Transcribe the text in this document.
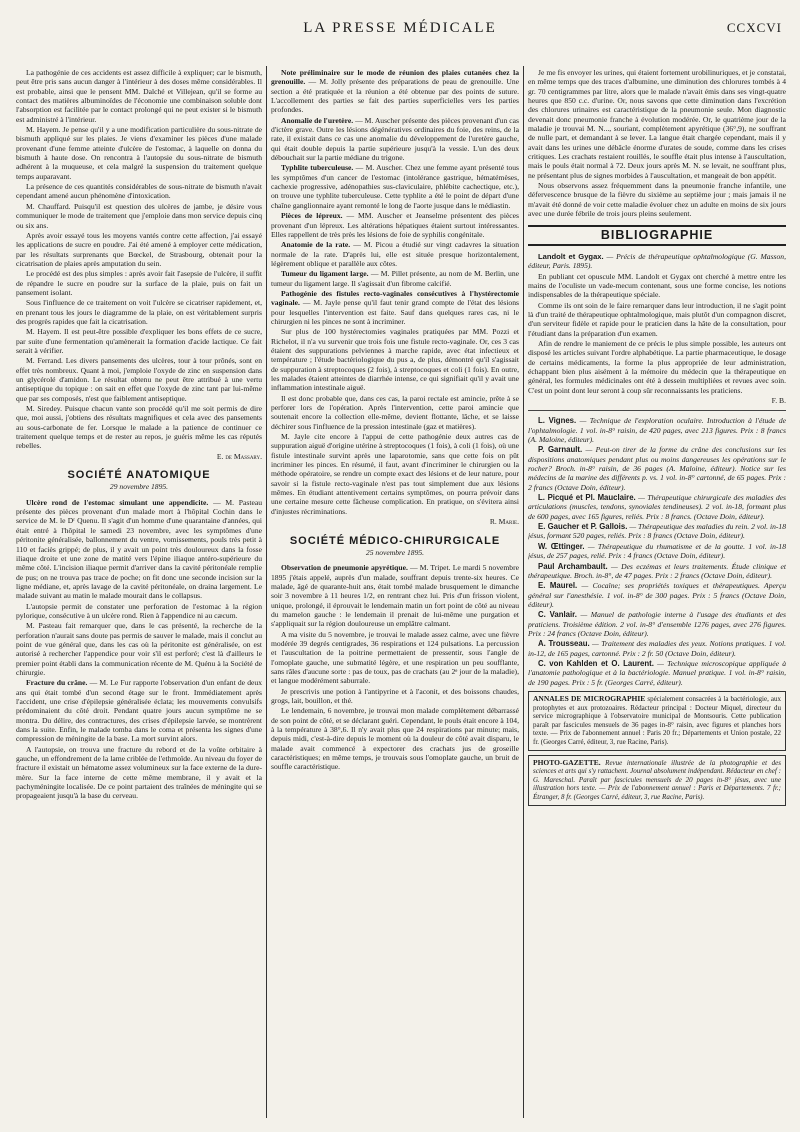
LA PRESSE MÉDICALE	CCXCVI

La pathogénie de ces accidents est assez difficile à expliquer; car le bismuth, peut être pris sans aucun danger à l'intérieur à des doses même considérables. Il est probable, ainsi que le pensent MM. Dalché et Villejean, qu'il se forme au contact des matières albuminoïdes de l'économie une combinaison soluble dont l'absorption est facilitée par le contact prolongé qui ne peut exister si le bismuth est administré à l'intérieur.

M. Hayem. Je pense qu'il y a une modification particulière du sous-nitrate de bismuth appliqué sur les plaies. Je viens d'examiner les pièces d'une malade provenant d'une femme atteinte d'ulcère de l'estomac, à laquelle on donna du bismuth à haute dose. On rencontra à l'autopsie du sous-nitrate de bismuth adhérent à la muqueuse, et cela malgré la suspension du traitement quelque temps auparavant.

La présence de ces quantités considérables de sous-nitrate de bismuth n'avait cependant amené aucun phénomène d'intoxication.

M. Chauffard. Puisqu'il est question des ulcères de jambe, je désire vous communiquer le mode de traitement que j'emploie dans mon service depuis cinq ou six ans.

Après avoir essayé tous les moyens vantés contre cette affection, j'ai essayé les applications de sucre en poudre. J'ai été amené à employer cette médication, par les résultats surprenants que Bœckel, de Strasbourg, obtenait pour la cicatrisation de plaies après amputation du sein.

Le procédé est des plus simples : après avoir fait l'asepsie de l'ulcère, il suffit de répandre le sucre en poudre sur la surface de la plaie, puis on fait un pansement isolant.

Sous l'influence de ce traitement on voit l'ulcère se cicatriser rapidement, et, en prenant tous les jours le diagramme de la plaie, on est véritablement surpris des progrès rapides que fait la cicatrisation.

M. Hayem. Il est peut-être possible d'expliquer les bons effets de ce sucre, par suite d'une fermentation qu'amènerait la formation d'acide lactique. Ce fait serait à vérifier.

M. Ferrand. Les divers pansements des ulcères, tour à tour prônés, sont en effet très nombreux. Quant à moi, j'emploie l'oxyde de zinc en suspension dans un glycérolé d'amidon. Le résultat obtenu ne peut être attribué à une vertu antiseptique du topique : on sait en effet que l'oxyde de zinc tant par lui-même que par ses composés, n'est que faiblement antiseptique.

M. Siredey. Puisque chacun vante son procédé qu'il me soit permis de dire que, moi aussi, j'obtiens des résultats magnifiques et cela avec des pansements au sous-carbonate de fer. Lorsque le malade a la patience de continuer ce traitement quelque temps et de rester au repos, je guéris même les cas réputés rebelles.

E. de Massary.
SOCIÉTÉ ANATOMIQUE
29 novembre 1895.

Ulcère rond de l'estomac simulant une appendicite. — M. Pasteau présente des pièces provenant d'un malade mort à l'hôpital Cochin dans le service de M. le Dʳ Quenu. Il s'agit d'un homme d'une quarantaine d'années, qui était entré à l'hôpital le samedi 23 novembre, avec les symptômes d'une péritonite généralisée, ballonnement du ventre, vomissements, pouls très petit à 110 et faciès grippé; de plus, il y avait un point très douloureux dans la fosse iliaque droite et une zone de matité vers l'épine iliaque antéro-supérieure du même côté. L'incision iliaque permit d'arriver dans la cavité péritonéale remplie de pus; on ne trouva pas trace de poche; on fit donc une seconde incision sur la ligne médiane, et, après lavage de la cavité péritonéale, on draina largement. Le malade suivant au matin le malade mourait dans le collapsus.

L'autopsie permit de constater une perforation de l'estomac à la région pylorique, consécutive à un ulcère rond. Rien à l'appendice ni au cæcum.

M. Pasteau fait remarquer que, dans le cas présenté, la recherche de la perforation n'aurait sans doute pas permis de sauver le malade, mais il conclut au point de vue général que, dans les cas où la péritonite est généralisée, on est autorisé à rechercher l'appendice pour voir s'il est perforé; c'est là d'ailleurs le premier point établi dans la communication récente de M. Quénu à la Société de chirurgie.

Fracture du crâne. — M. Le Fur rapporte l'observation d'un enfant de deux ans qui était tombé d'un second étage sur le front. Immédiatement après l'accident, une crise d'épilepsie généralisée éclata; les mouvements convulsifs prédominaient du côté droit. Pendant quatre jours aucun symptôme ne se montra. Du délire, des contractures, des crises d'épilepsie larvée, se montrèrent dans la suite. Enfin, le malade tomba dans le coma et présenta les signes d'une compression de méningite de la base. La mort survint alors.

A l'autopsie, on trouva une fracture du rebord et de la voûte orbitaire à gauche, un effondrement de la lame criblée de l'ethmoïde. Au niveau du foyer de fracture il existait un hématome assez volumineux sur la face externe de la dure-mère. Sur la face interne de cette même membrane, il y avait et la pachyméningite localisée. De ce point partaient des traînées de méningite qui se propageaient jusqu'à la base du cerveau.

Note préliminaire sur le mode de réunion des plaies cutanées chez la grenouille. — M. Jolly présente des préparations de peau de grenouille. Une section a été pratiquée et la réunion a été obtenue par des points de suture. L'accollement des parties se fait des parties superficielles vers les parties profondes.

Anomalie de l'uretère. — M. Auscher présente des pièces provenant d'un cas d'ictère grave. Outre les lésions dégénératives ordinaires du foie, des reins, de la rate, il existait dans ce cas une anomalie du développement de l'uretère gauche, qui était double depuis la partie supérieure jusqu'à la vessie. L'un des deux débouchait sur la partie médiane du trigone.

Typhlite tuberculeuse. — M. Auscher. Chez une femme ayant présenté tous les symptômes d'un cancer de l'estomac (intolérance gastrique, hématémèses, cachexie progressive, adénopathies sus-claviculaire, phlébite cachectique, etc.), on trouve une typhlite tuberculeuse. Cette typhlite a été le point de départ d'une chaîne ganglionnaire ayant remonté le long de l'aorte jusque dans le médiastin.

Pièces de lépreux. — MM. Auscher et Jeanselme présentent des pièces provenant d'un lépreux. Les altérations hépatiques étaient surtout intéressantes. Elles rappellent de très près les lésions de foie de syphilis congénitale.

Anatomie de la rate. — M. Picou a étudié sur vingt cadavres la situation normale de la rate. D'après lui, elle est située presque horizontalement, légèrement oblique et parallèle aux côtes.

Tumeur du ligament large. — M. Pillet présente, au nom de M. Berlin, une tumeur du ligament large. Il s'agissait d'un fibrome calcifié.

Pathogénie des fistules recto-vaginales consécutives à l'hystérectomie vaginale. — M. Jayle pense qu'il faut tenir grand compte de l'état des lésions pour lesquelles l'intervention est faite. Sauf dans quelques rares cas, ni le chirurgien ni les pinces ne sont à incriminer.

Sur plus de 100 hystérectomies vaginales pratiquées par MM. Pozzi et Richelot, il n'a vu survenir que trois fois une fistule recto-vaginale. Or, ces 3 cas étaient des suppurations pelviennes à marche rapide, avec état infectieux et température ; l'étude bactériologique du pus a, de plus, démontré qu'il s'agissait de suppuration à streptocoques (2 fois), à streptocoques et coli (1 fois). En outre, les malades étaient atteintes de diarrhée intense, ce qui signifiait qu'il y avait une inflammation intestinale aiguë.

Il est donc probable que, dans ces cas, la paroi rectale est amincie, prête à se perforer lors de l'opération. Après l'intervention, cette paroi amincie que soutenait encore la collection elle-même, devient flottante, lâche, et se laisse déchirer sous l'influence de la pression intestinale (gaz et matières).

M. Jayle cite encore à l'appui de cette pathogénie deux autres cas de suppuration aiguë d'origine utérine à streptocoques (1 fois), à coli (1 fois), où une fistule intestinale survint après une laparotomie, sans que cette fois on pût incriminer les pinces. En résumé, il faut, avant d'incriminer le chirurgien ou la méthode opératoire, se rendre un compte exact des lésions et de leur nature, pour savoir si la fistule recto-vaginale n'est pas tout simplement due aux lésions mêmes. En étudiant attentivement certains symptômes, on pourra prévoir dans une certaine mesure cette fâcheuse complication. En pratique, on s'évitera ainsi d'injustes récriminations.

R. Marie.
SOCIÉTÉ MÉDICO-CHIRURGICALE
25 novembre 1895.

Observation de pneumonie apyrétique. — M. Tripet. Le mardi 5 novembre 1895 j'étais appelé, auprès d'un malade, souffrant depuis trente-six heures. Ce malade, âgé de quarante-huit ans, était tombé malade brusquement le dimanche soir 3 novembre à 11 heures 1/2, en rentrant chez lui. Pris d'un frisson violent, unique, prolongé, il éprouvait le lendemain matin un fort point de côté au niveau du mamelon gauche : le lendemain il prenait de lui-même une purgation et s'appliquait sur la région douloureuse un emplâtre calmant.

A ma visite du 5 novembre, je trouvai le malade assez calme, avec une fièvre modérée 39 degrés centigrades, 36 respirations et 124 pulsations. La percussion et l'auscultation de la poitrine permettaient de pressentir, sous l'angle de l'omoplate gauche, une submatité légère, et une respiration un peu soufflante, sans râles d'aucune sorte : pas de toux, pas de crachats (au 2ᵉ jour de la maladie), et langue modérément saburrale.

Je prescrivis une potion à l'antipyrine et à l'aconit, et des boissons chaudes, grogs, lait, bouillon, et thé.

Le lendemain, 6 novembre, je trouvai mon malade complètement débarrassé de son point de côté, et se déclarant guéri. Cependant, le pouls était encore à 104, à la température à 38°,6. Il n'y avait plus que 24 respirations par minute; mais, depuis midi, c'est-à-dire depuis le moment où la douleur de côté avait disparu, le malade avait commencé à expectorer des crachats jus de groseille caractéristiques; en même temps, je trouvais sous l'omoplate gauche, un bruit de souffle caractéristique.

Je me fis envoyer les urines, qui étaient fortement urobilinuriques, et je constatai, en même temps que des traces d'albumine, une diminution des chlorures tombés à 4 gr. 70 centigrammes par litre, alors que le malade n'avait émis dans ses vingt-quatre heures que 850 c.c. d'urine. Or, nous savons que cette diminution dans l'excrétion des chlorures urinaires est caractéristique de la pneumonie seule. Mon diagnostic devenait donc pneumonie franche à évolution modérée. Or, le quatrième jour de la maladie je trouvai M. N..., souriant, complètement apyrétique (36°,9), ne souffrant de nulle part, et demandant à se lever. La langue était chargée cependant, mais il y avait dans les urines une débâcle énorme d'urates de soude, comme dans les crises critiques. Les crachats restaient rouillés, le souffle était plus intense à l'auscultation, mais le pouls était normal à 72. Deux jours après M. N. se levait, ne souffrant plus, ne présentant plus de signes morbides à l'auscultation, et mangeait de bon appétit.

Nous observons assez fréquemment dans la pneumonie franche infantile, une défervescence brusque de la fièvre du sixième au septième jour ; mais jamais il ne m'avait été donné de voir cette maladie évoluer chez un adulte en moins de six jours avec une durée fébrile de trois jours pleins seulement.

BIBLIOGRAPHIE

Landolt et Gygax. — Précis de thérapeutique ophtalmologique (G. Masson, éditeur, Paris. 1895).

En publiant cet opuscule MM. Landolt et Gygax ont cherché à mettre entre les mains de l'oculiste un vade-mecum contenant, sous une forme concise, les notions indispensables de la thérapeutique spéciale.

Comme ils ont soin de le faire remarquer dans leur introduction, il ne s'agit point là d'un traité de thérapeutique ophtalmologique, mais plutôt d'un compagnon discret, d'un serviteur fidèle et rapide pour le praticien dans la hâte de la consultation, pour l'étudiant dans la préparation d'un examen.

Afin de rendre le maniement de ce précis le plus simple possible, les auteurs ont disposé les articles suivant l'ordre alphabétique. La partie pharmaceutique, le dosage de certains médicaments, la forme la plus appropriée de leur administration, échappant bien plus aisément à la mémoire du médecin que la thérapeutique en général, les formules médicinales ont été à dessein multipliées et revues avec soin. C'est un point dont leur seront à coup sûr reconnaissants les praticiens.

F. B.

L. Vignes. — Technique de l'exploration oculaire. Introduction à l'étude de l'ophtalmologie. 1 vol. in-8° raisin, de 420 pages, avec 213 figures. Prix : 8 francs (A. Maloine, éditeur).

P. Garnault. — Peut-on tirer de la forme du crâne des conclusions sur les dispositions anatomiques pendant plus ou moins dangereuses les opérations sur le rocher? Broch. in-8° raisin, de 36 pages (A. Maloine, éditeur). Notice sur les médecins de la marine des différents p. vs. 1 vol. in-8° cartonné, de 65 pages. Prix : 2 francs (Octave Doin, éditeur).

L. Picqué et Pl. Mauclaire. — Thérapeutique chirurgicale des maladies des articulations (muscles, tendons, synoviales tendineuses). 2 vol. in-18, formant plus de 600 pages, avec 165 figures, reliés. Prix : 8 francs. (Octave Doin, éditeur).

E. Gaucher et P. Gallois. — Thérapeutique des maladies du rein. 2 vol. in-18 jésus, formant 520 pages, reliés. Prix : 8 francs (Octave Doin, éditeur).

W. Œttinger. — Thérapeutique du rhumatisme et de la goutte. 1 vol. in-18 jésus, de 257 pages, relié. Prix : 4 francs (Octave Doin, éditeur).

Paul Archambault. — Des eczémas et leurs traitements. Étude clinique et thérapeutique. Broch. in-8°, de 47 pages. Prix : 2 francs (Octave Doin, éditeur).

E. Maurel. — Cocaïne; ses propriétés toxiques et thérapeutiques. Aperçu général sur l'anesthésie. 1 vol. in-8° de 300 pages. Prix : 5 francs (Octave Doin, éditeur).

C. Vanlair. — Manuel de pathologie interne à l'usage des étudiants et des praticiens. Troisième édition. 2 vol. in-8° d'ensemble 1276 pages, avec 276 figures. Prix : 24 francs (Octave Doin, éditeur).

A. Trousseau. — Traitement des maladies des yeux. Notions pratiques. 1 vol. in-12, de 165 pages, cartonné. Prix : 2 fr. 50 (Octave Doin, éditeur).

C. von Kahlden et O. Laurent. — Technique microscopique appliquée à l'anatomie pathologique et à la bactériologie. Manuel pratique. 1 vol. in-8° raisin, de 190 pages. Prix : 5 fr. (Georges Carré, éditeur).

ANNALES DE MICROGRAPHIE spécialement consacrées à la bactériologie, aux protophytes et aux protozoaires. Rédacteur principal : Docteur Miquel, directeur du service micrographique à l'observatoire municipal de Montsouris. Cette publication paraît par fascicules mensuels de 36 pages in-8° raisin, avec figures et planches hors texte. — Prix de l'abonnement annuel : Paris 20 fr.; Départements et Union postale, 22 fr. (Georges Carré, éditeur, 3, rue Racine, Paris).
PHOTO-GAZETTE. Revue internationale illustrée de la photographie et des sciences et arts qui s'y rattachent. Journal absolument indépendant. Rédacteur en chef : G. Mareschal. Paraît par fascicules mensuels de 20 pages in-8° jésus, avec une illustration hors texte. — Prix de l'abonnement annuel : Paris et Départements. 7 fr.; Étranger, 8 fr. (Georges Carré, éditeur, 3, rue Racine, Paris).
